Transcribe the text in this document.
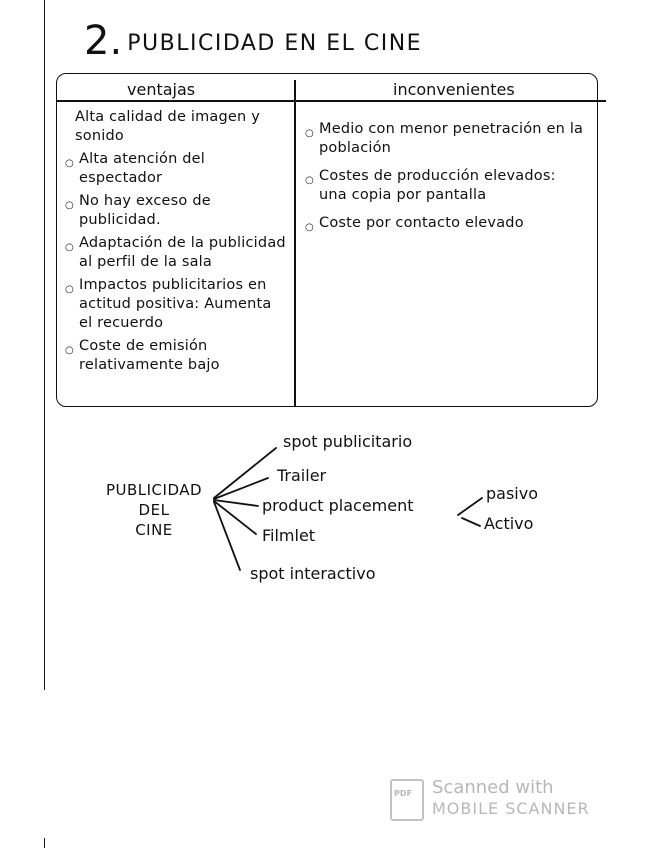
2. PUBLICIDAD EN EL CINE
ventajas	inconvenientes
Alta calidad de imagen y sonido
○ Alta atención del espectador
○ No hay exceso de publicidad.
○ Adaptación de la publicidad al perfil de la sala
○ Impactos publicitarios en actitud positiva: Aumenta el recuerdo
○ Coste de emisión relativamente bajo
○ Medio con menor penetración en la población
○ Costes de producción elevados: una copia por pantalla
○ Coste por contacto elevado
PUBLICIDAD
DEL
CINE
spot publicitario
Trailer
product placement
Filmlet
spot interactivo
pasivo
Activo
PDF Scanned with
MOBILE SCANNER
